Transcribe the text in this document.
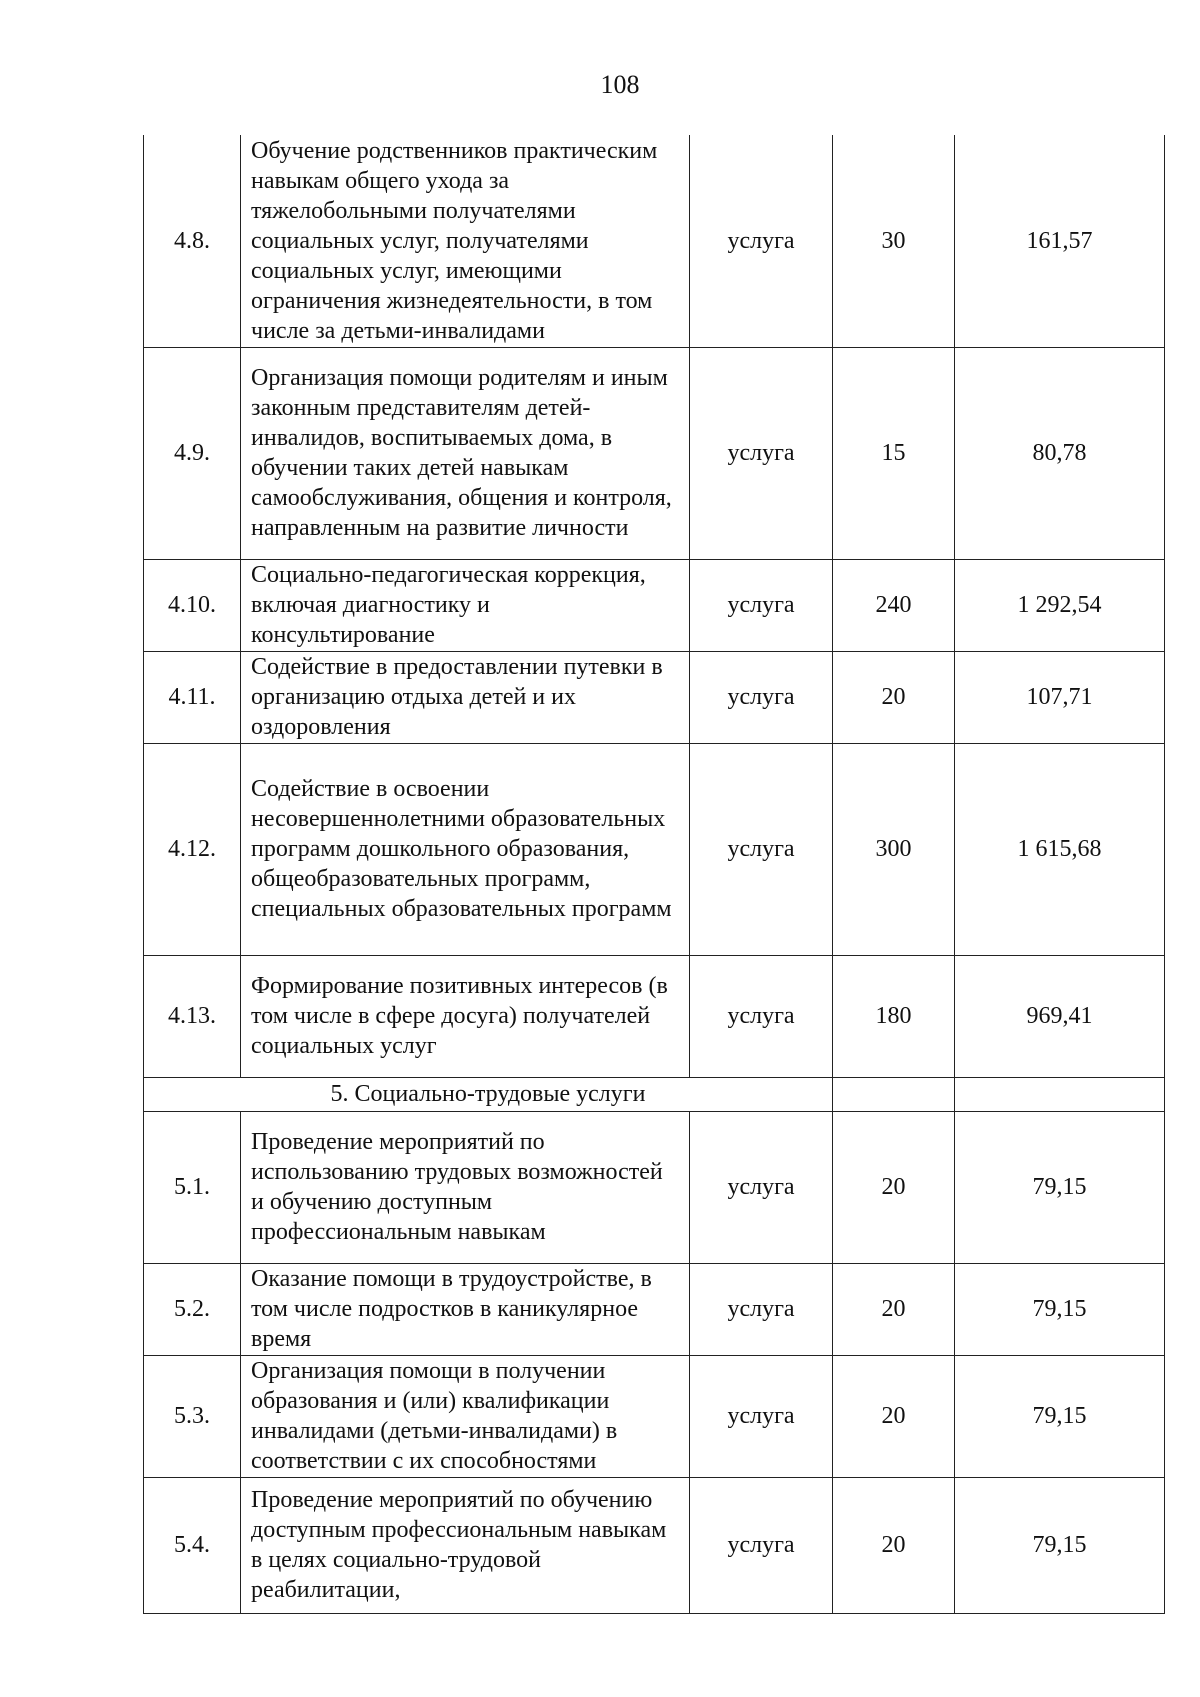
108
4.8.	Обучение родственников практическим навыкам общего ухода за тяжелобольными получателями социальных услуг, получателями социальных услуг, имеющими ограничения жизнедеятельности, в том числе за детьми-инвалидами	услуга	30	161,57
4.9.	Организация помощи родителям и иным законным представителям детей-инвалидов, воспитываемых дома, в обучении таких детей навыкам самообслуживания, общения и контроля, направленным на развитие личности	услуга	15	80,78
4.10.	Социально-педагогическая коррекция, включая диагностику и консультирование	услуга	240	1 292,54
4.11.	Содействие в предоставлении путевки в организацию отдыха детей и их оздоровления	услуга	20	107,71
4.12.	Содействие в освоении несовершеннолетними образовательных программ дошкольного образования, общеобразовательных программ, специальных образовательных программ	услуга	300	1 615,68
4.13.	Формирование позитивных интересов (в том числе в сфере досуга) получателей социальных услуг	услуга	180	969,41
5. Социально-трудовые услуги				
5.1.	Проведение мероприятий по использованию трудовых возможностей и обучению доступным профессиональным навыкам	услуга	20	79,15
5.2.	Оказание помощи в трудоустройстве, в том числе подростков в каникулярное время	услуга	20	79,15
5.3.	Организация помощи в получении образования и (или) квалификации инвалидами (детьми-инвалидами) в соответствии с их способностями	услуга	20	79,15
5.4.	Проведение мероприятий по обучению доступным профессиональным навыкам в целях социально-трудовой реабилитации,	услуга	20	79,15
